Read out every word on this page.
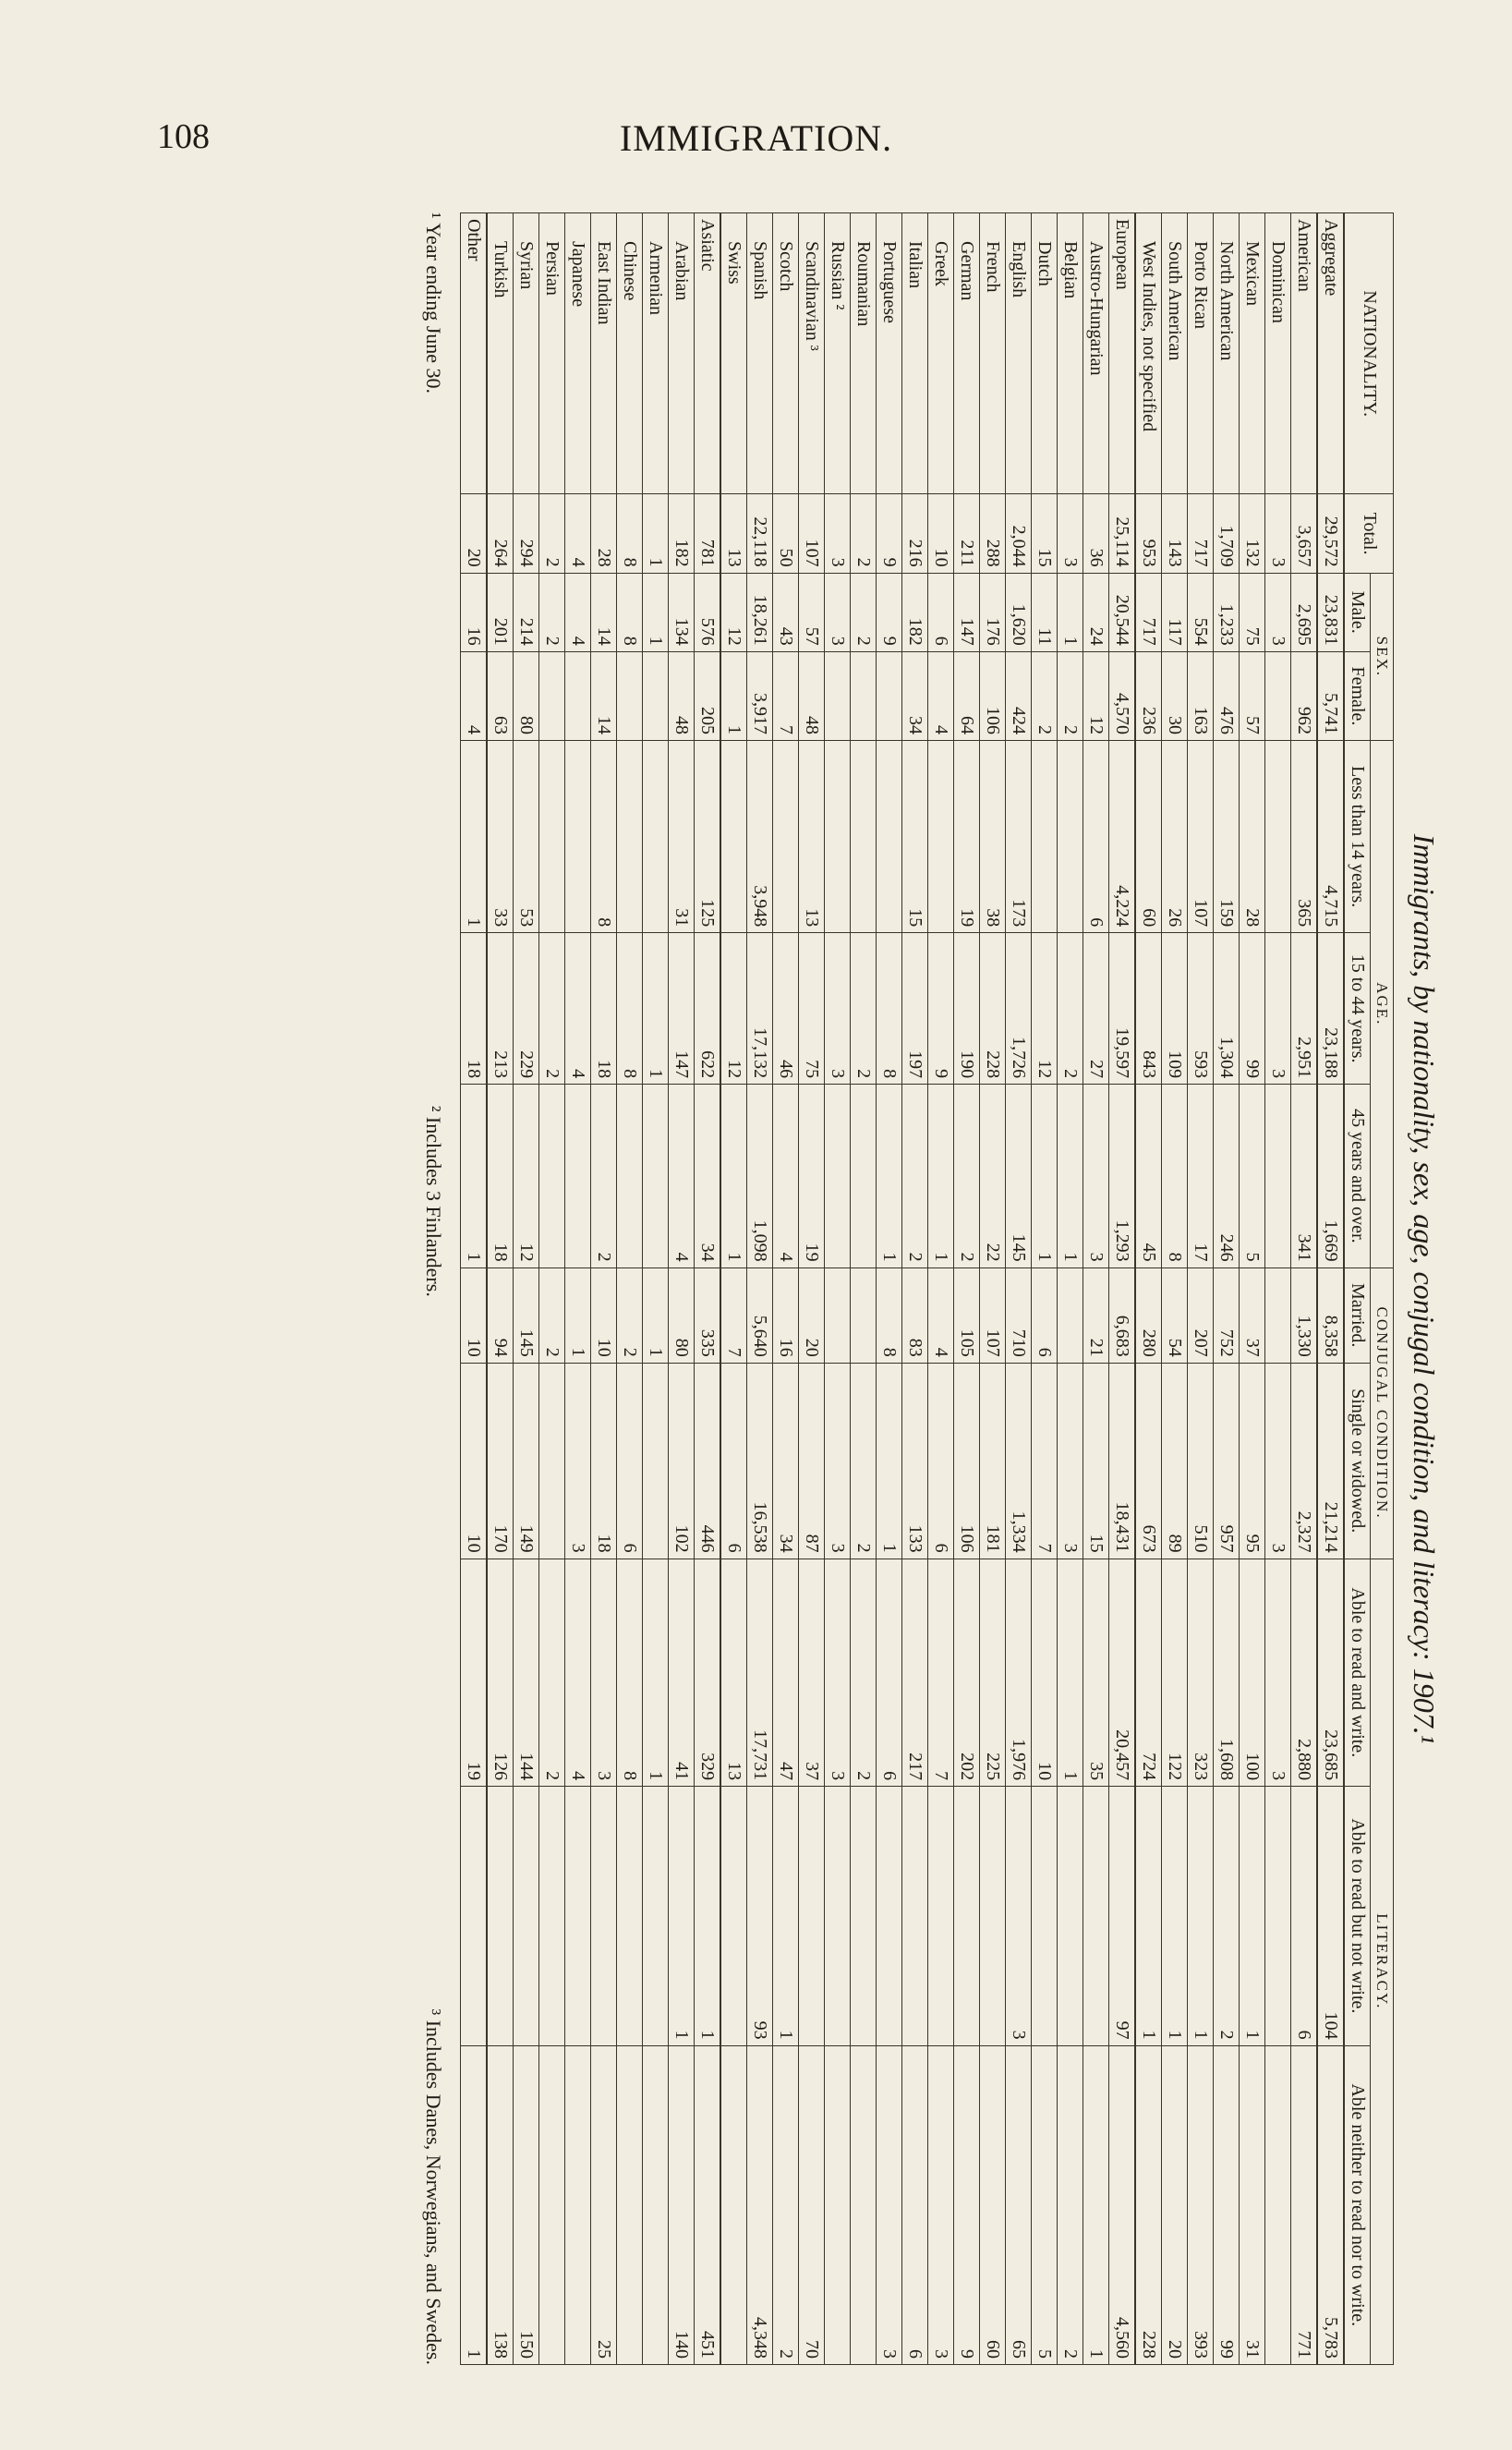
108	IMMIGRATION.
Immigrants, by nationality, sex, age, conjugal condition, and literacy: 1907.¹
NATIONALITY.	Total.	SEX.		AGE.			CONJUGAL CONDITION.		LITERACY.		
		Male.	Female.	Less than 14 years.	15 to 44 years.	45 years and over.	Married.	Single or widowed.	Able to read and write.	Able to read but not write.	Able neither to read nor to write.
Aggregate	29,572	23,831	5,741	4,715	23,188	1,669	8,358	21,214	23,685	104	5,783
American	3,657	2,695	962	365	2,951	341	1,330	2,327	2,880	6	771
Dominican	3	3			3			3	3		
Mexican	132	75	57	28	99	5	37	95	100	1	31
North American	1,709	1,233	476	159	1,304	246	752	957	1,608	2	99
Porto Rican	717	554	163	107	593	17	207	510	323	1	393
South American	143	117	30	26	109	8	54	89	122	1	20
West Indies, not specified	953	717	236	60	843	45	280	673	724	1	228
European	25,114	20,544	4,570	4,224	19,597	1,293	6,683	18,431	20,457	97	4,560
Austro-Hungarian	36	24	12	6	27	3	21	15	35		1
Belgian	3	1	2		2	1		3	1		2
Dutch	15	11	2		12	1	6	7	10		5
English	2,044	1,620	424	173	1,726	145	710	1,334	1,976	3	65
French	288	176	106	38	228	22	107	181	225		60
German	211	147	64	19	190	2	105	106	202		9
Greek	10	6	4		9	1	4	6	7		3
Italian	216	182	34	15	197	2	83	133	217		6
Portuguese	9	9			8	1	8	1	6		3
Roumanian	2	2			2			2	2		
Russian ²	3	3			3			3	3		
Scandinavian ³	107	57	48	13	75	19	20	87	37		70
Scotch	50	43	7		46	4	16	34	47	1	2
Spanish	22,118	18,261	3,917	3,948	17,132	1,098	5,640	16,538	17,731	93	4,348
Swiss	13	12	1		12	1	7	6	13		
Asiatic	781	576	205	125	622	34	335	446	329	1	451
Arabian	182	134	48	31	147	4	80	102	41	1	140
Armenian	1	1			1		1		1		
Chinese	8	8			8		2	6	8		
East Indian	28	14	14	8	18	2	10	18	3		25
Japanese	4	4			4		1	3	4		
Persian	2	2			2		2		2		
Syrian	294	214	80	53	229	12	145	149	144		150
Turkish	264	201	63	33	213	18	94	170	126		138
Other	20	16	4	1	18	1	10	10	19		1
¹ Year ending June 30.
² Includes 3 Finlanders.
³ Includes Danes, Norwegians, and Swedes.
